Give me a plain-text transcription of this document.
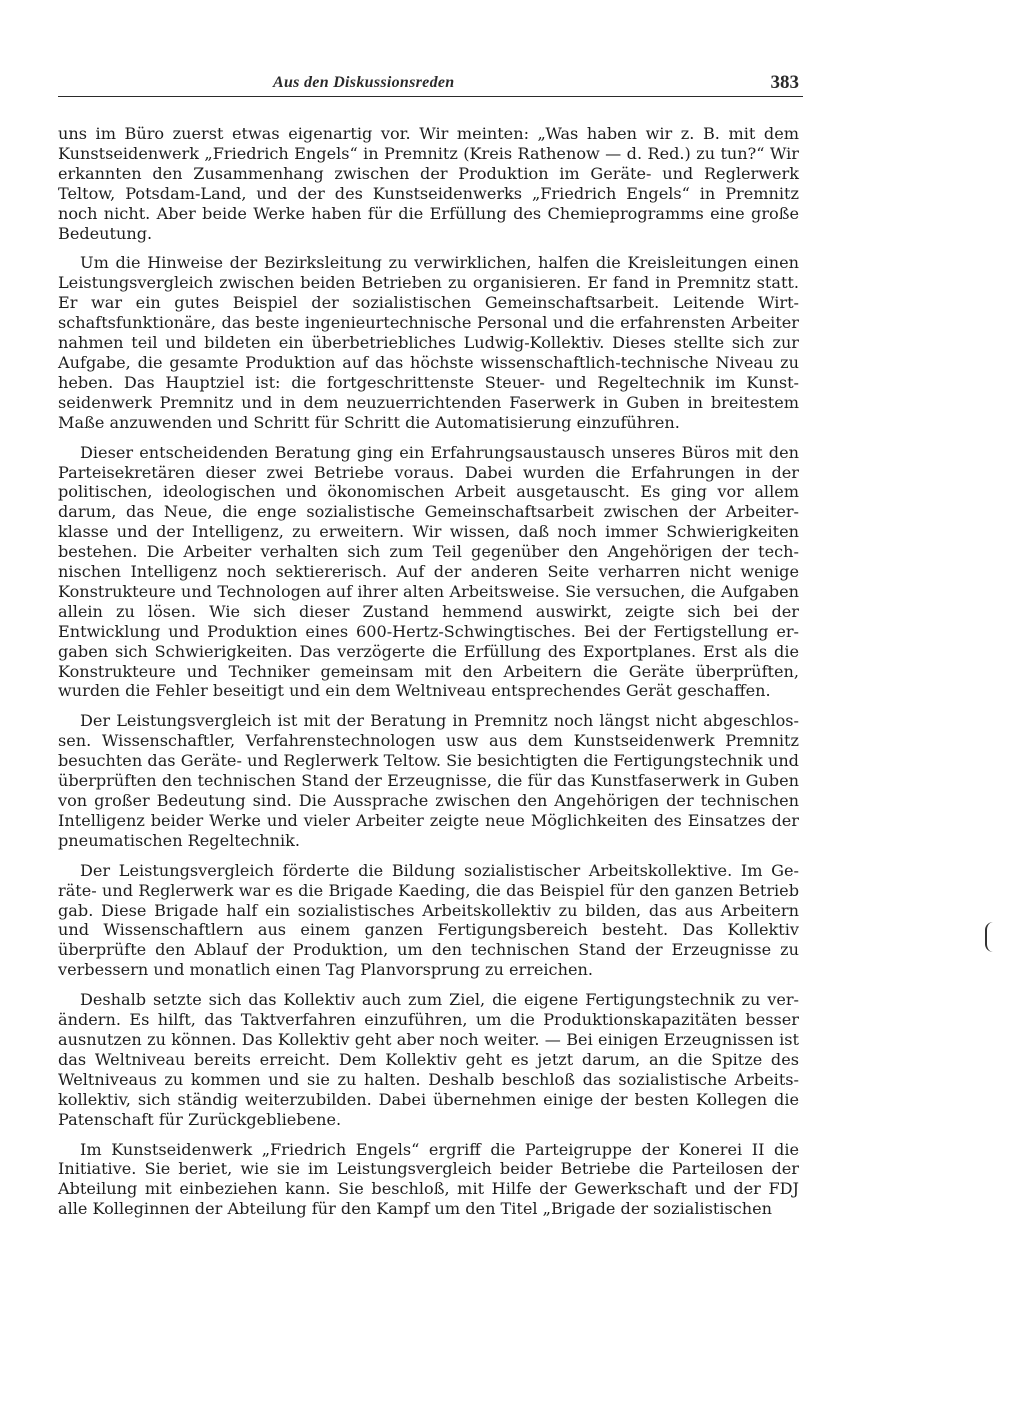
Aus den Diskussionsreden	383

uns im Büro zuerst etwas eigenartig vor. Wir meinten: „Was haben wir z. B. mit dem Kunstseidenwerk „Friedrich Engels“ in Premnitz (Kreis Rathenow — d. Red.) zu tun?“ Wir erkannten den Zusammenhang zwischen der Produktion im Geräte- und Reglerwerk Teltow, Potsdam-Land, und der des Kunstseidenwerks „Friedrich Engels“ in Premnitz noch nicht. Aber beide Werke haben für die Erfüllung des Chemieprogramms eine große Bedeutung.

Um die Hinweise der Bezirksleitung zu verwirklichen, halfen die Kreisleitungen einen Leistungsvergleich zwischen beiden Betrieben zu organisieren. Er fand in Premnitz statt. Er war ein gutes Beispiel der sozialistischen Gemeinschaftsarbeit. Leitende Wirtschaftsfunktionäre, das beste ingenieurtechnische Personal und die erfahrensten Arbeiter nahmen teil und bildeten ein überbetriebliches Ludwig-Kollektiv. Dieses stellte sich zur Aufgabe, die gesamte Produktion auf das höchste wissenschaftlich-technische Niveau zu heben. Das Hauptziel ist: die fortgeschrittenste Steuer- und Regeltechnik im Kunstseidenwerk Premnitz und in dem neuzuerrichtenden Faserwerk in Guben in breitestem Maße anzuwenden und Schritt für Schritt die Automatisierung einzuführen.

Dieser entscheidenden Beratung ging ein Erfahrungsaustausch unseres Büros mit den Parteisekretären dieser zwei Betriebe voraus. Dabei wurden die Erfahrungen in der politischen, ideologischen und ökonomischen Arbeit ausgetauscht. Es ging vor allem darum, das Neue, die enge sozialistische Gemeinschaftsarbeit zwischen der Arbeiterklasse und der Intelligenz, zu erweitern. Wir wissen, daß noch immer Schwierigkeiten bestehen. Die Arbeiter verhalten sich zum Teil gegenüber den Angehörigen der technischen Intelligenz noch sektiererisch. Auf der anderen Seite verharren nicht wenige Konstrukteure und Technologen auf ihrer alten Arbeitsweise. Sie versuchen, die Aufgaben allein zu lösen. Wie sich dieser Zustand hemmend auswirkt, zeigte sich bei der Entwicklung und Produktion eines 600-Hertz-Schwingtisches. Bei der Fertigstellung ergaben sich Schwierigkeiten. Das verzögerte die Erfüllung des Exportplanes. Erst als die Konstrukteure und Techniker gemeinsam mit den Arbeitern die Geräte überprüften, wurden die Fehler beseitigt und ein dem Weltniveau entsprechendes Gerät geschaffen.

Der Leistungsvergleich ist mit der Beratung in Premnitz noch längst nicht abgeschlossen. Wissenschaftler, Verfahrenstechnologen usw aus dem Kunstseidenwerk Premnitz besuchten das Geräte- und Reglerwerk Teltow. Sie besichtigten die Fertigungstechnik und überprüften den technischen Stand der Erzeugnisse, die für das Kunstfaserwerk in Guben von großer Bedeutung sind. Die Aussprache zwischen den Angehörigen der technischen Intelligenz beider Werke und vieler Arbeiter zeigte neue Möglichkeiten des Einsatzes der pneumatischen Regeltechnik.

Der Leistungsvergleich förderte die Bildung sozialistischer Arbeitskollektive. Im Geräte- und Reglerwerk war es die Brigade Kaeding, die das Beispiel für den ganzen Betrieb gab. Diese Brigade half ein sozialistisches Arbeitskollektiv zu bilden, das aus Arbeitern und Wissenschaftlern aus einem ganzen Fertigungsbereich besteht. Das Kollektiv überprüfte den Ablauf der Produktion, um den technischen Stand der Erzeugnisse zu verbessern und monatlich einen Tag Planvorsprung zu erreichen.

Deshalb setzte sich das Kollektiv auch zum Ziel, die eigene Fertigungstechnik zu verändern. Es hilft, das Taktverfahren einzuführen, um die Produktionskapazitäten besser ausnutzen zu können. Das Kollektiv geht aber noch weiter. — Bei einigen Erzeugnissen ist das Weltniveau bereits erreicht. Dem Kollektiv geht es jetzt darum, an die Spitze des Weltniveaus zu kommen und sie zu halten. Deshalb beschloß das sozialistische Arbeitskollektiv, sich ständig weiterzubilden. Dabei übernehmen einige der besten Kollegen die Patenschaft für Zurückgebliebene.

Im Kunstseidenwerk „Friedrich Engels“ ergriff die Parteigruppe der Konerei II die Initiative. Sie beriet, wie sie im Leistungsvergleich beider Betriebe die Parteilosen der Abteilung mit einbeziehen kann. Sie beschloß, mit Hilfe der Gewerkschaft und der FDJ alle Kolleginnen der Abteilung für den Kampf um den Titel „Brigade der sozialistischen
